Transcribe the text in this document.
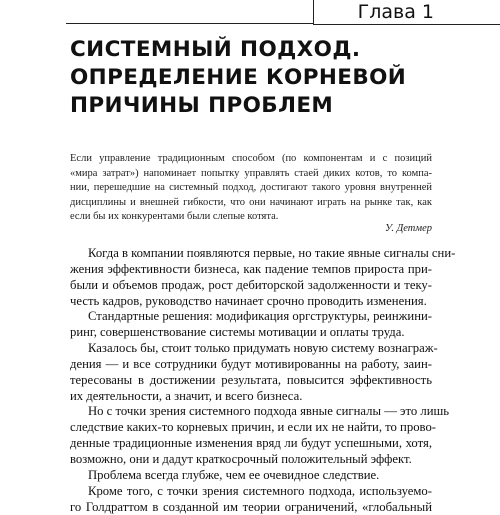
Глава 1
СИСТЕМНЫЙ ПОДХОД.
ОПРЕДЕЛЕНИЕ КОРНЕВОЙ
ПРИЧИНЫ ПРОБЛЕМ
Если управление традиционным способом (по компонентам и с позиций
«мира затрат») напоминает попытку управлять стаей диких котов, то компа-
нии, перешедшие на системный подход, достигают такого уровня внутренней
дисциплины и внешней гибкости, что они начинают играть на рынке так, как
если бы их конкурентами были слепые котята.
У. Детмер
Когда в компании появляются первые, но такие явные сигналы сни-
жения эффективности бизнеса, как падение темпов прироста при-
были и объемов продаж, рост дебиторской задолженности и теку-
честь кадров, руководство начинает срочно проводить изменения.
Стандартные решения: модификация оргструктуры, реинжини-
ринг, совершенствование системы мотивации и оплаты труда.
Казалось бы, стоит только придумать новую систему вознаграж-
дения — и все сотрудники будут мотивированны на работу, заин-
тересованы в достижении результата, повысится эффективность
их деятельности, а значит, и всего бизнеса.
Но с точки зрения системного подхода явные сигналы — это лишь
следствие каких-то корневых причин, и если их не найти, то прово-
денные традиционные изменения вряд ли будут успешными, хотя,
возможно, они и дадут краткосрочный положительный эффект.
Проблема всегда глубже, чем ее очевидное следствие.
Кроме того, с точки зрения системного подхода, используемо-
го Голдраттом в созданной им теории ограничений, «глобальный
